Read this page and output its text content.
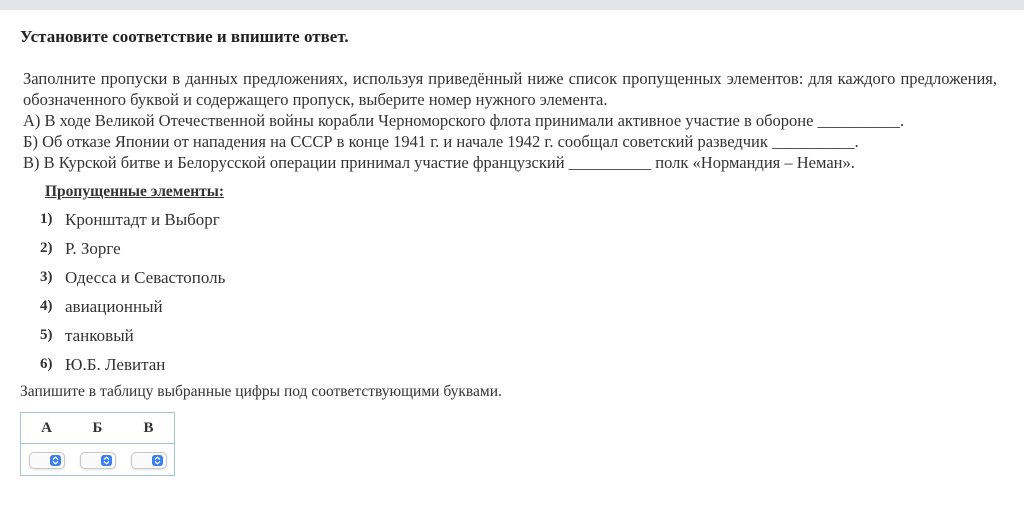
Установите соответствие и впишите ответ.
Заполните пропуски в данных предложениях, используя приведённый ниже список пропущенных элементов: для каждого предложения, обозначенного буквой и содержащего пропуск, выберите номер нужного элемента.
А) В ходе Великой Отечественной войны корабли Черноморского флота принимали активное участие в обороне __________.
Б) Об отказе Японии от нападения на СССР в конце 1941 г. и начале 1942 г. сообщал советский разведчик __________.
В) В Курской битве и Белорусской операции принимал участие французский __________ полк «Нормандия – Неман».
Пропущенные элементы:
1) Кронштадт и Выборг
2) Р. Зорге
3) Одесса и Севастополь
4) авиационный
5) танковый
6) Ю.Б. Левитан
Запишите в таблицу выбранные цифры под соответствующими буквами.
А	Б	В
